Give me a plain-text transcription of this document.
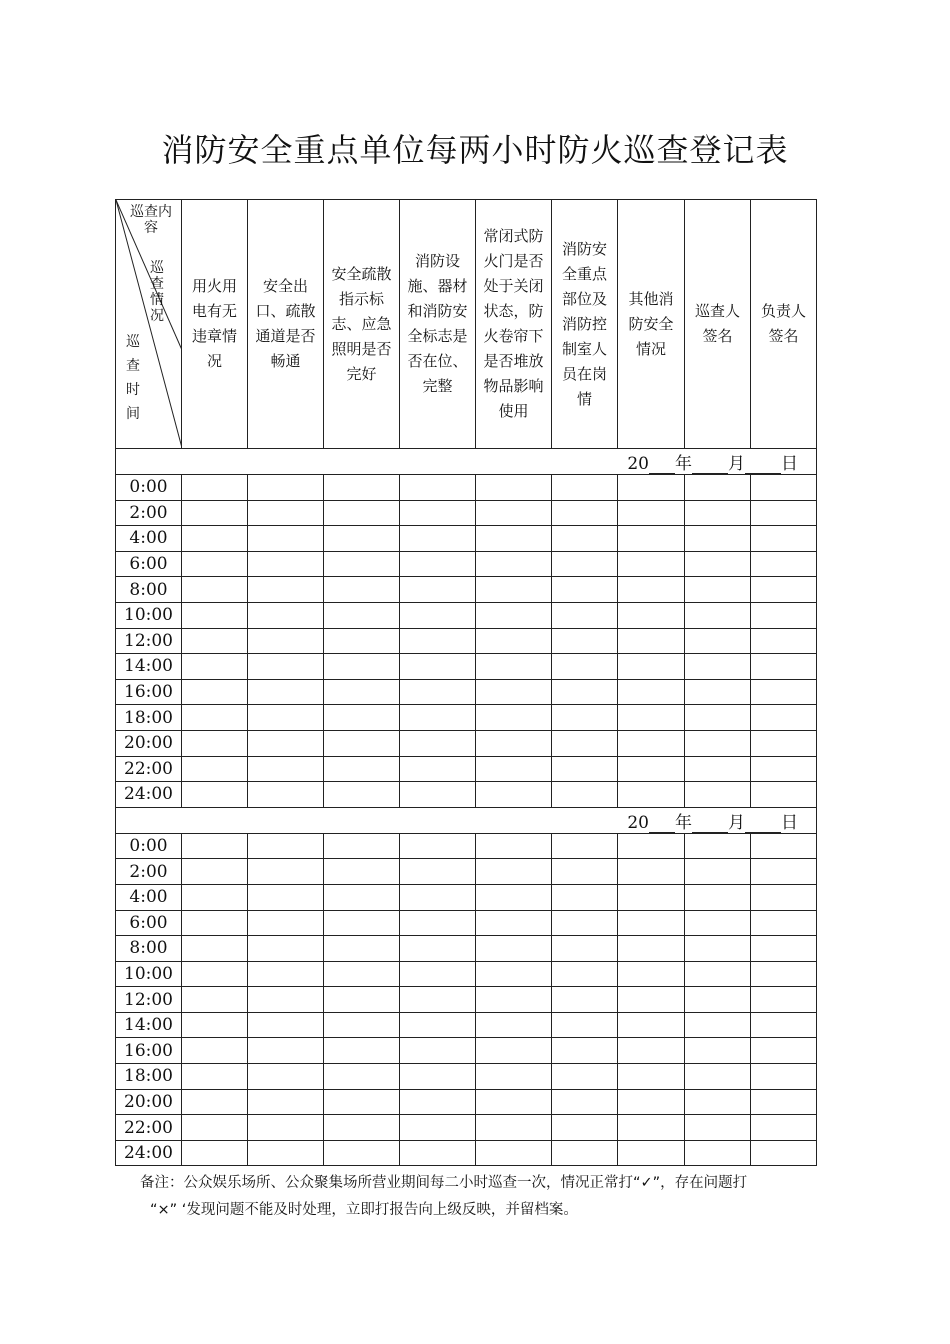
消防安全重点单位每两小时防火巡查登记表
巡查内容
巡查情况
巡查时间	用火用电有无违章情况	安全出口、疏散通道是否畅通	安全疏散指示标志、应急照明是否完好	消防设施、器材和消防安全标志是否在位、完整	常闭式防火门是否处于关闭状态，防火卷帘下是否堆放物品影响使用	消防安全重点部位及消防控制室人员在岗情	其他消防安全情况	巡查人签名	负责人签名

20 年 月 日									
0:00									
2:00									
4:00									
6:00									
8:00									
10:00									
12:00									
14:00									
16:00									
18:00									
20:00									
22:00									
24:00									
20 年 月 日									
0:00									
2:00									
4:00									
6:00									
8:00									
10:00									
12:00									
14:00									
16:00									
18:00									
20:00									
22:00									
24:00									
备注：公众娱乐场所、公众聚集场所营业期间每二小时巡查一次，情况正常打“✓”，存在问题打
“×” ‘发现问题不能及时处理，立即打报告向上级反映，并留档案。
